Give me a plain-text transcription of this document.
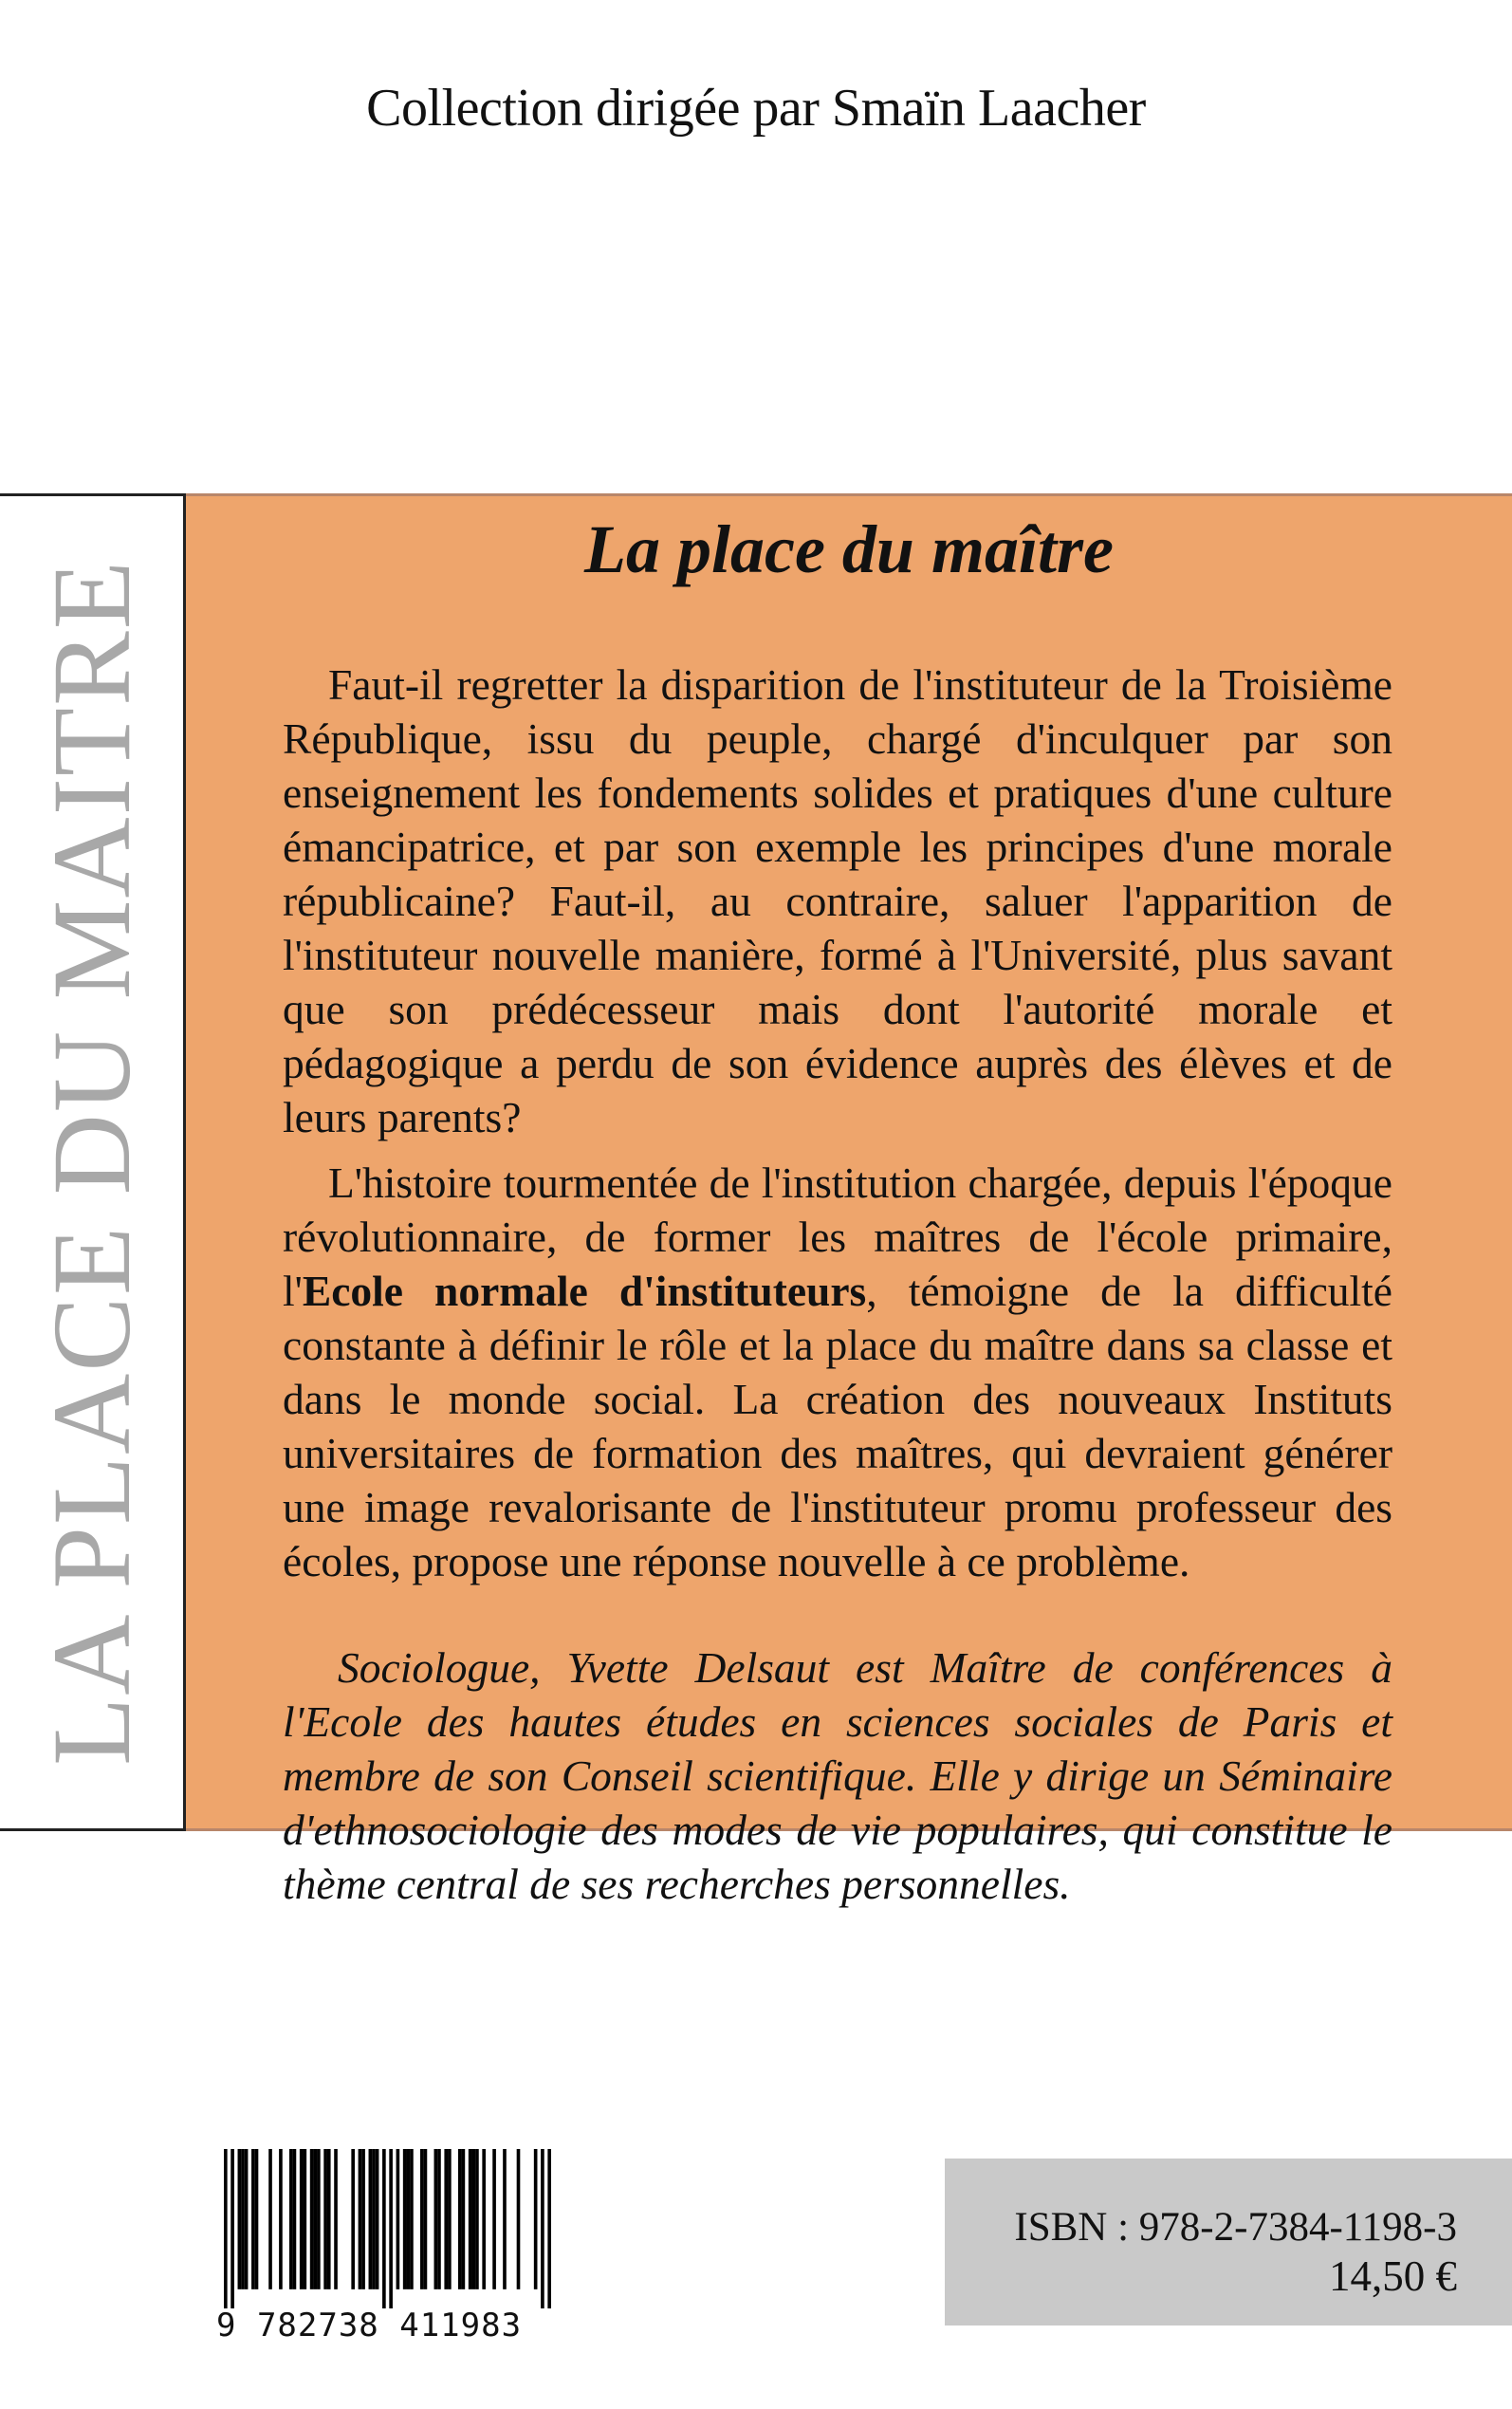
Collection dirigée par Smaïn Laacher
LA PLACE DU MAITRE
La place du maître

Faut-il regretter la disparition de l'instituteur de la Troisième République, issu du peuple, chargé d'inculquer par son enseignement les fondements solides et pratiques d'une culture émancipatrice, et par son exemple les principes d'une morale républicaine? Faut-il, au contraire, saluer l'apparition de l'instituteur nouvelle manière, formé à l'Université, plus savant que son prédécesseur mais dont l'autorité morale et pédagogique a perdu de son évidence auprès des élèves et de leurs parents?

L'histoire tourmentée de l'institution chargée, depuis l'époque révolutionnaire, de former les maîtres de l'école primaire, l'Ecole normale d'instituteurs, témoigne de la difficulté constante à définir le rôle et la place du maître dans sa classe et dans le monde social. La création des nouveaux Instituts universitaires de formation des maîtres, qui devraient générer une image revalorisante de l'instituteur promu professeur des écoles, propose une réponse nouvelle à ce problème.

Sociologue, Yvette Delsaut est Maître de conférences à l'Ecole des hautes études en sciences sociales de Paris et membre de son Conseil scientifique. Elle y dirige un Séminaire d'ethnosociologie des modes de vie populaires, qui constitue le thème central de ses recherches personnelles.

9 782738 411983
ISBN : 978-2-7384-1198-3
14,50 €
